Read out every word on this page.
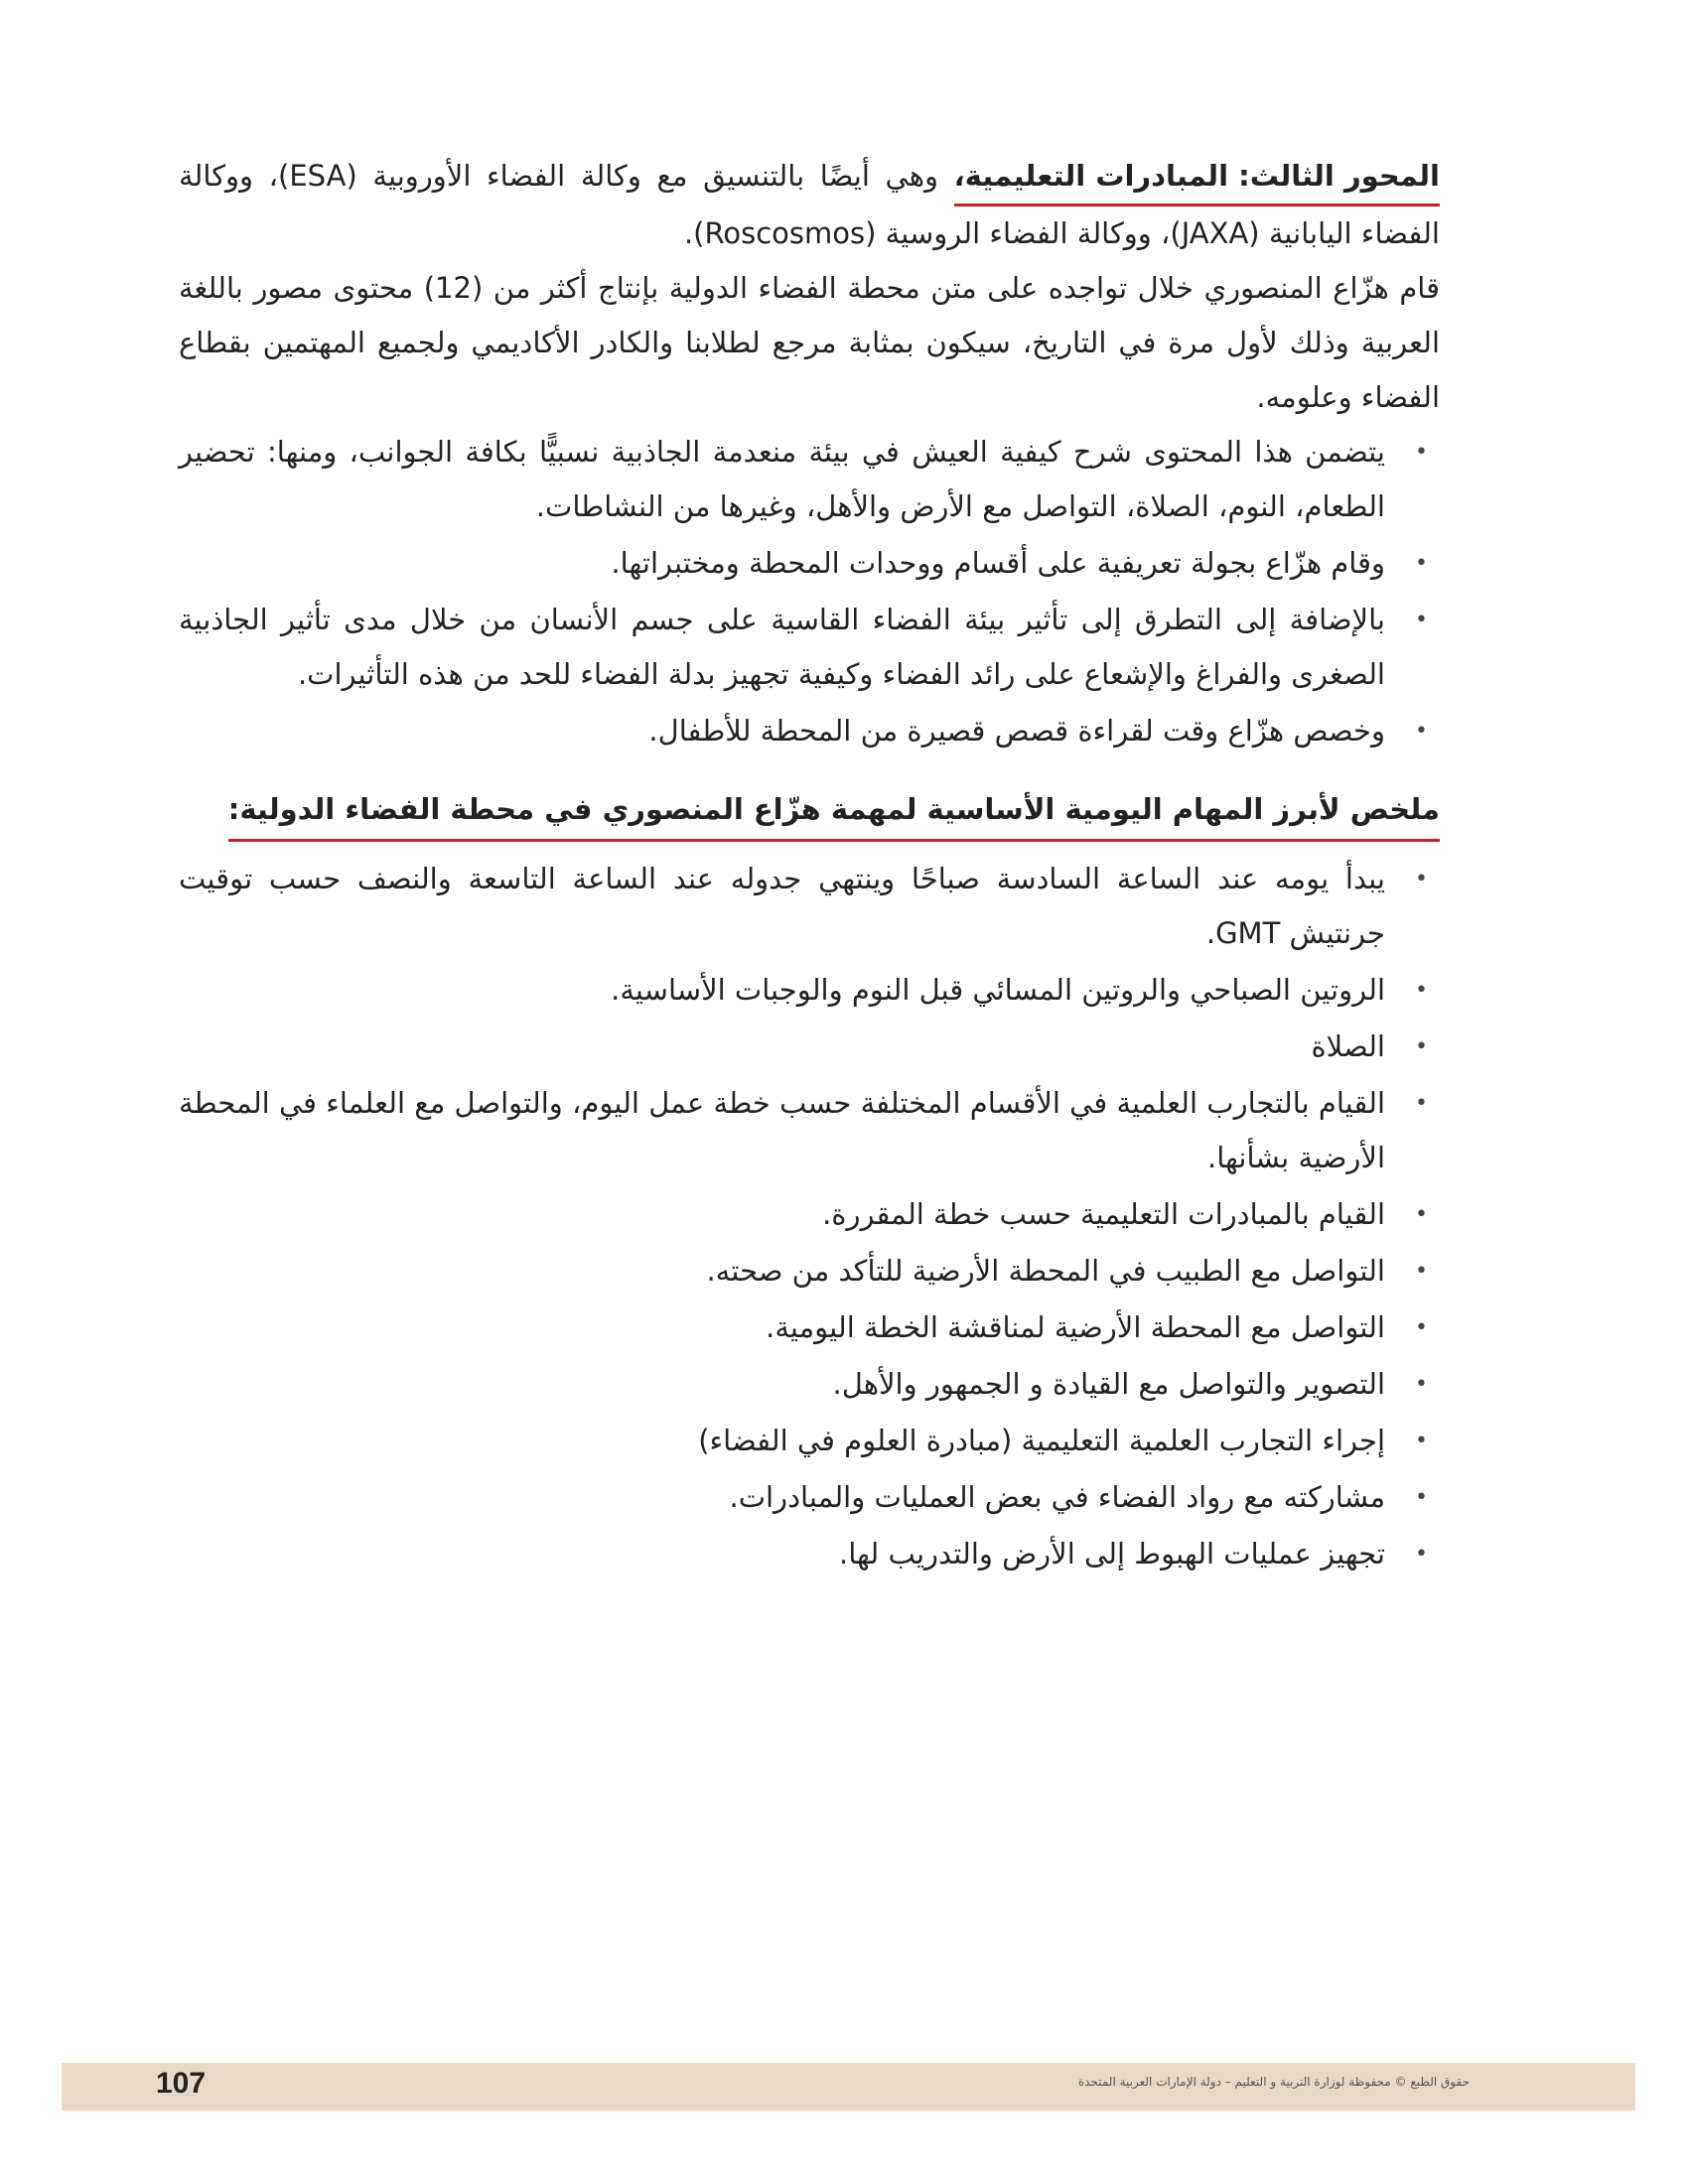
المحور الثالث: المبادرات التعليمية، وهي أيضًا بالتنسيق مع وكالة الفضاء الأوروبية (ESA)، ووكالة الفضاء اليابانية (JAXA)، ووكالة الفضاء الروسية (Roscosmos).

قام هزّاع المنصوري خلال تواجده على متن محطة الفضاء الدولية بإنتاج أكثر من (12) محتوى مصور باللغة العربية وذلك لأول مرة في التاريخ، سيكون بمثابة مرجع لطلابنا والكادر الأكاديمي ولجميع المهتمين بقطاع الفضاء وعلومه.

•
يتضمن هذا المحتوى شرح كيفية العيش في بيئة منعدمة الجاذبية نسبيًّا بكافة الجوانب، ومنها: تحضير الطعام، النوم، الصلاة، التواصل مع الأرض والأهل، وغيرها من النشاطات.
•
وقام هزّاع بجولة تعريفية على أقسام ووحدات المحطة ومختبراتها.
•
بالإضافة إلى التطرق إلى تأثير بيئة الفضاء القاسية على جسم الأنسان من خلال مدى تأثير الجاذبية الصغرى والفراغ والإشعاع على رائد الفضاء وكيفية تجهيز بدلة الفضاء للحد من هذه التأثيرات.
•
وخصص هزّاع وقت لقراءة قصص قصيرة من المحطة للأطفال.
ملخص لأبرز المهام اليومية الأساسية لمهمة هزّاع المنصوري في محطة الفضاء الدولية:
•
يبدأ يومه عند الساعة السادسة صباحًا وينتهي جدوله عند الساعة التاسعة والنصف حسب توقيت جرنتيش GMT.
•
الروتين الصباحي والروتين المسائي قبل النوم والوجبات الأساسية.
•
الصلاة
•
القيام بالتجارب العلمية في الأقسام المختلفة حسب خطة عمل اليوم، والتواصل مع العلماء في المحطة الأرضية بشأنها.
•
القيام بالمبادرات التعليمية حسب خطة المقررة.
•
التواصل مع الطبيب في المحطة الأرضية للتأكد من صحته.
•
التواصل مع المحطة الأرضية لمناقشة الخطة اليومية.
•
التصوير والتواصل مع القيادة و الجمهور والأهل.
•
إجراء التجارب العلمية التعليمية (مبادرة العلوم في الفضاء)
•
مشاركته مع رواد الفضاء في بعض العمليات والمبادرات.
•
تجهيز عمليات الهبوط إلى الأرض والتدريب لها.
107	حقوق الطبع © محفوظة لوزارة التربية و التعليم – دولة الإمارات العربية المتحدة
